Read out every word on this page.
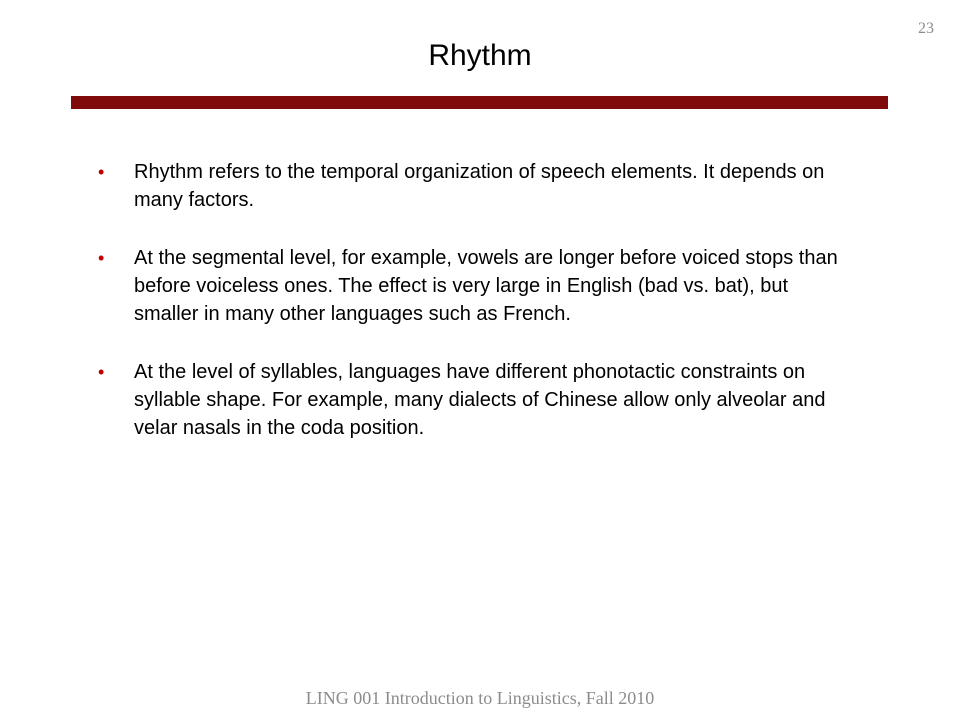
23
Rhythm
• Rhythm refers to the temporal organization of speech elements. It depends on many factors.
• At the segmental level, for example, vowels are longer before voiced stops than before voiceless ones. The effect is very large in English (bad vs. bat), but smaller in many other languages such as French.
• At the level of syllables, languages have different phonotactic constraints on syllable shape. For example, many dialects of Chinese allow only alveolar and velar nasals in the coda position.
LING 001 Introduction to Linguistics, Fall 2010
